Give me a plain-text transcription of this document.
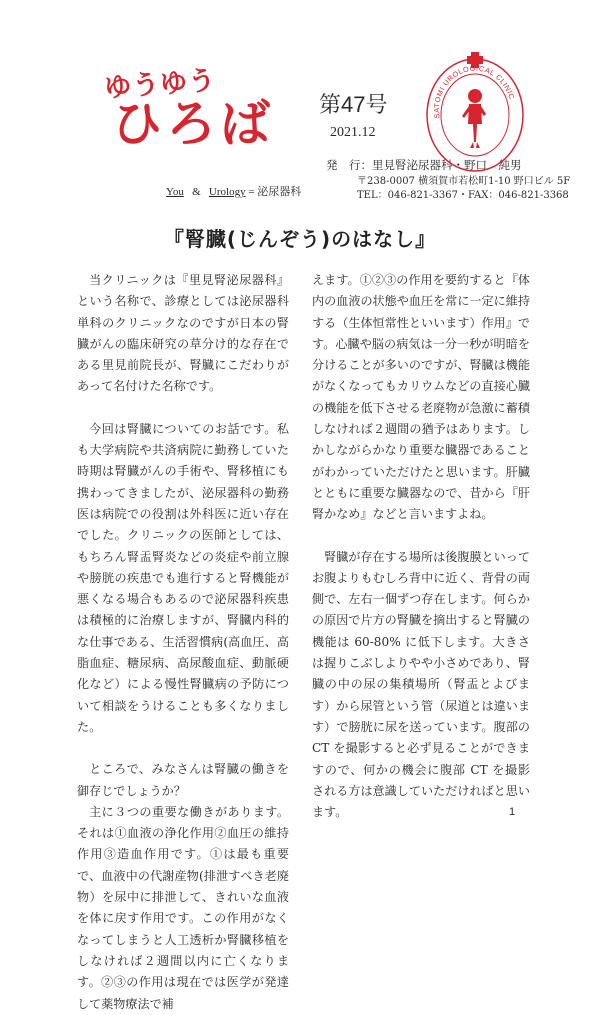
ゆうゆう
ひろば
You & Urology = 泌尿器科
第47号
2021.12
発　行：里見腎泌尿器科・野口　純男
〒238-0007 横須賀市若松町1-10 野口ビル 5F
TEL：046-821-3367・FAX：046-821-3368
SATOMI UROLOGICAL CLINIC
『腎臓(じんぞう)のはなし』

当クリニックは『里見腎泌尿器科』という名称で、診療としては泌尿器科単科のクリニックなのですが日本の腎臓がんの臨床研究の草分け的な存在である里見前院長が、腎臓にこだわりがあって名付けた名称です。

今回は腎臓についてのお話です。私も大学病院や共済病院に勤務していた時期は腎臓がんの手術や、腎移植にも携わってきましたが、泌尿器科の勤務医は病院での役割は外科医に近い存在でした。クリニックの医師としては、もちろん腎盂腎炎などの炎症や前立腺や膀胱の疾患でも進行すると腎機能が悪くなる場合もあるので泌尿器科疾患は積極的に治療しますが、腎臓内科的な仕事である、生活習慣病(高血圧、高脂血症、糖尿病、高尿酸血症、動脈硬化など）による慢性腎臓病の予防について相談をうけることも多くなりました。

ところで、みなさんは腎臓の働きを御存じでしょうか？

主に３つの重要な働きがあります。それは①血液の浄化作用②血圧の維持作用③造血作用です。①は最も重要で、血液中の代謝産物(排泄すべき老廃物）を尿中に排泄して、きれいな血液を体に戻す作用です。この作用がなくなってしまうと人工透析か腎臓移植をしなければ２週間以内に亡くなります。②③の作用は現在では医学が発達して薬物療法で補

えます。①②③の作用を要約すると『体内の血液の状態や血圧を常に一定に維持する（生体恒常性といいます）作用』です。心臓や脳の病気は一分一秒が明暗を分けることが多いのですが、腎臓は機能がなくなってもカリウムなどの直接心臓の機能を低下させる老廃物が急激に蓄積しなければ２週間の猶予はあります。しかしながらかなり重要な臓器であることがわかっていただけたと思います。肝臓とともに重要な臓器なので、昔から『肝腎かなめ』などと言いますよね。

腎臓が存在する場所は後腹膜といってお腹よりもむしろ背中に近く、背骨の両側で、左右一個ずつ存在します。何らかの原因で片方の腎臓を摘出すると腎臓の機能は 60-80% に低下します。大きさは握りこぶしよりやや小さめであり、腎臓の中の尿の集積場所（腎盂とよびます）から尿管という管（尿道とは違います）で膀胱に尿を送っています。腹部のCT を撮影すると必ず見ることができますので、何かの機会に腹部 CT を撮影される方は意識していただければと思います。	1
